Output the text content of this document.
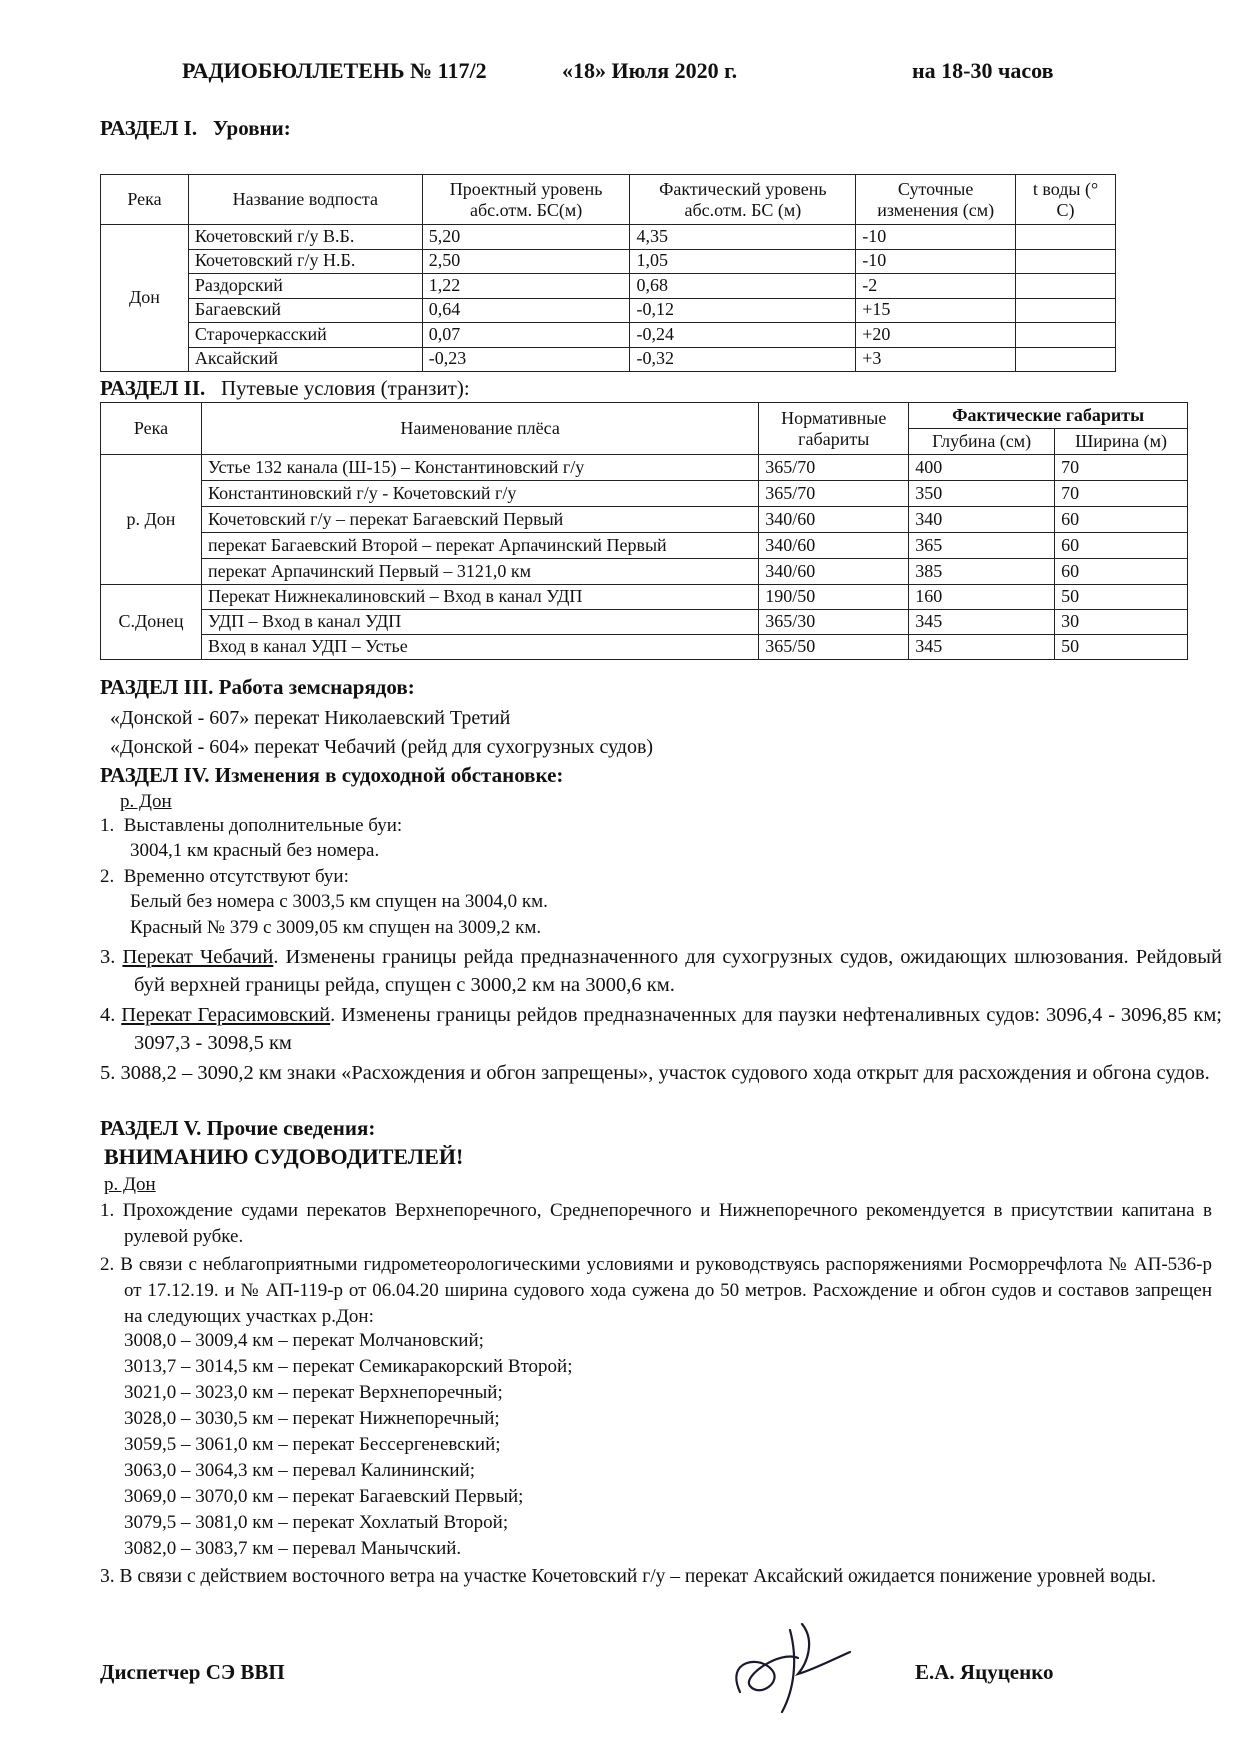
РАДИОБЮЛЛЕТЕНЬ № 117/2	«18» Июля 2020 г.	на 18-30 часов
РАЗДЕЛ I. Уровни:
Река	Название водпоста	Проектный уровень абс.отм. БС(м)	Фактический уровень абс.отм. БС (м)	Суточные изменения (см)	t воды (° С)
Дон	Кочетовский г/у В.Б.	5,20	4,35	-10	
	Кочетовский г/у Н.Б.	2,50	1,05	-10	
	Раздорский	1,22	0,68	-2	
	Багаевский	0,64	-0,12	+15	
	Старочеркасский	0,07	-0,24	+20	
	Аксайский	-0,23	-0,32	+3	
РАЗДЕЛ II. Путевые условия (транзит):
Река	Наименование плёса	Нормативные габариты	Фактические габариты	
			Глубина (см)	Ширина (м)
р. Дон	Устье 132 канала (Ш-15) – Константиновский г/у	365/70	400	70
	Константиновский г/у - Кочетовский г/у	365/70	350	70
	Кочетовский г/у – перекат Багаевский Первый	340/60	340	60
	перекат Багаевский Второй – перекат Арпачинский Первый	340/60	365	60
	перекат Арпачинский Первый – 3121,0 км	340/60	385	60
С.Донец	Перекат Нижнекалиновский – Вход в канал УДП	190/50	160	50
	УДП – Вход в канал УДП	365/30	345	30
	Вход в канал УДП – Устье	365/50	345	50
РАЗДЕЛ III. Работа земснарядов:
«Донской - 607» перекат Николаевский Третий
«Донской - 604» перекат Чебачий (рейд для сухогрузных судов)
РАЗДЕЛ IV. Изменения в судоходной обстановке:
р. Дон
1. Выставлены дополнительные буи:
3004,1 км красный без номера.
2. Временно отсутствуют буи:
Белый без номера с 3003,5 км спущен на 3004,0 км.
Красный № 379 с 3009,05 км спущен на 3009,2 км.
3. Перекат Чебачий. Изменены границы рейда предназначенного для сухогрузных судов, ожидающих шлюзования. Рейдовый буй верхней границы рейда, спущен с 3000,2 км на 3000,6 км.
4. Перекат Герасимовский. Изменены границы рейдов предназначенных для паузки нефтеналивных судов: 3096,4 - 3096,85 км; 3097,3 - 3098,5 км
5. 3088,2 – 3090,2 км знаки «Расхождения и обгон запрещены», участок судового хода открыт для расхождения и обгона судов.
РАЗДЕЛ V. Прочие сведения:
ВНИМАНИЮ СУДОВОДИТЕЛЕЙ!
р. Дон
1. Прохождение судами перекатов Верхнепоречного, Среднепоречного и Нижнепоречного рекомендуется в присутствии капитана в рулевой рубке.
2. В связи с неблагоприятными гидрометеорологическими условиями и руководствуясь распоряжениями Росморречфлота № АП-536-р от 17.12.19. и № АП-119-р от 06.04.20 ширина судового хода сужена до 50 метров. Расхождение и обгон судов и составов запрещен на следующих участках р.Дон:
3008,0 – 3009,4 км – перекат Молчановский;
3013,7 – 3014,5 км – перекат Семикаракорский Второй;
3021,0 – 3023,0 км – перекат Верхнепоречный;
3028,0 – 3030,5 км – перекат Нижнепоречный;
3059,5 – 3061,0 км – перекат Бессергеневский;
3063,0 – 3064,3 км – перевал Калининский;
3069,0 – 3070,0 км – перекат Багаевский Первый;
3079,5 – 3081,0 км – перекат Хохлатый Второй;
3082,0 – 3083,7 км – перевал Манычский.
3. В связи с действием восточного ветра на участке Кочетовский г/у – перекат Аксайский ожидается понижение уровней воды.
Диспетчер СЭ ВВП	Е.А. Яцуценко
